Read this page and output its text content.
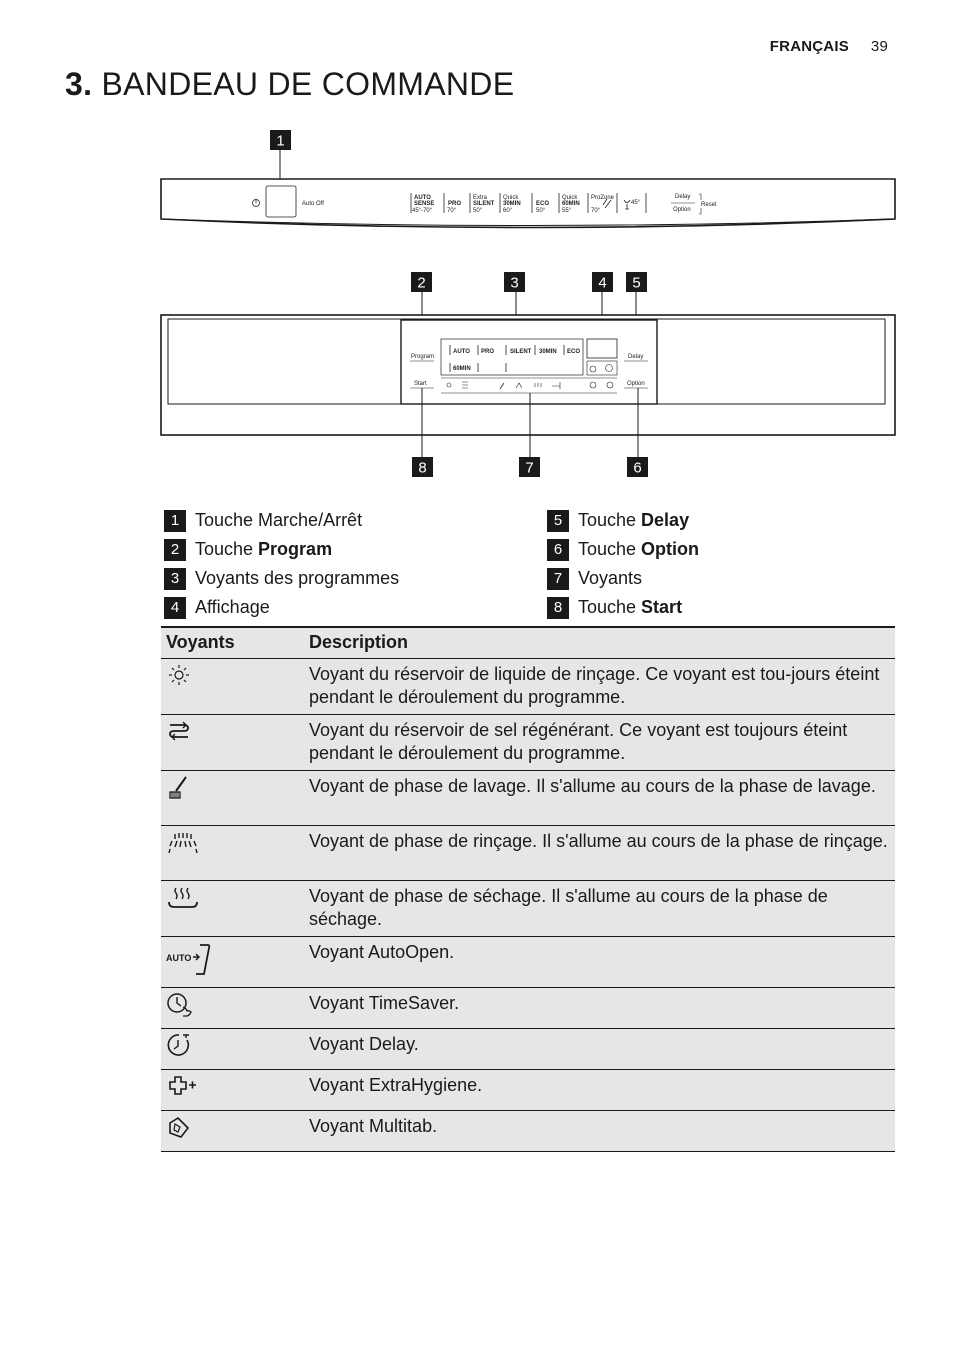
FRANÇAIS 39
3. BANDEAU DE COMMANDE
1
Auto Off
AUTO
SENSE
45°-70°
PRO
70°
Extra
SILENT
50°
Quick
30MIN
60°
ECO
50°
Quick
60MIN
55°
ProZone
70°
45°
Delay
Option
Reset
2	3	4 5
Program
Start
Delay
Option
AUTO PRO	SILENT 30MIN ECO
60MIN
8	7	6
1 Touche Marche/Arrêt
2 Touche Program
3 Voyants des programmes
4 Affichage
5 Touche Delay
6 Touche Option
7 Voyants
8 Touche Start
Voyants	Description

	Voyant du réservoir de liquide de rinçage. Ce voyant est tou-jours éteint pendant le déroulement du programme.

	Voyant du réservoir de sel régénérant. Ce voyant est toujours éteint pendant le déroulement du programme.

	Voyant de phase de lavage. Il s'allume au cours de la phase de lavage.

	Voyant de phase de rinçage. Il s'allume au cours de la phase de rinçage.

	Voyant de phase de séchage. Il s'allume au cours de la phase de séchage.

AUTO	Voyant AutoOpen.

	Voyant TimeSaver.

	Voyant Delay.

	Voyant ExtraHygiene.

	Voyant Multitab.
